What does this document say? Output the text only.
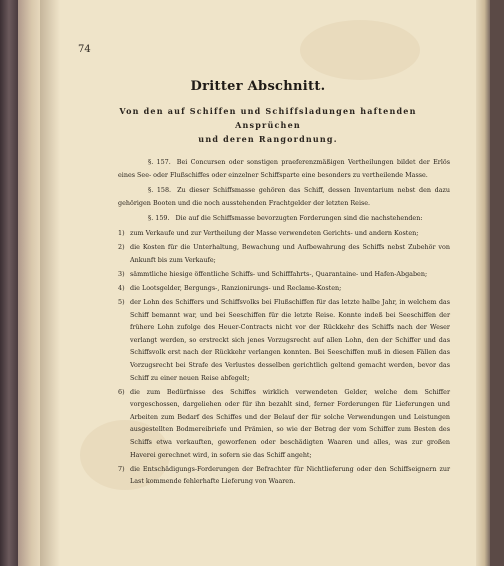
74
Dritter Abschnitt.
Von den auf Schiffen und Schiffsladungen haftenden Ansprüchen
und deren Rangordnung.

§. 157. Bei Concursen oder sonstigen praeferenzmäßigen Vertheilungen bildet der Erlös eines See- oder Flußschiffes oder einzelner Schiffsparte eine besonders zu vertheilende Masse.

§. 158. Zu dieser Schiffsmasse gehören das Schiff, dessen Inventarium nebst den dazu gehörigen Booten und die noch ausstehenden Frachtgelder der letzten Reise.

§. 159. Die auf die Schiffsmasse bevorzugten Forderungen sind die nachstehenden:

1) zum Verkaufe und zur Vertheilung der Masse verwendeten Gerichts- und andern Kosten;

2) die Kosten für die Unterhaltung, Bewachung und Aufbewahrung des Schiffs nebst Zubehör von Ankunft bis zum Verkaufe;

3) sämmtliche hiesige öffentliche Schiffs- und Schifffahrts-, Quarantaine- und Hafen-Abgaben;

4) die Lootsgelder, Bergungs-, Ranzionirungs- und Reclame-Kosten;

5) der Lohn des Schiffers und Schiffsvolks bei Flußschiffen für das letzte halbe Jahr, in welchem das Schiff bemannt war, und bei Seeschiffen für die letzte Reise. Konnte indeß bei Seeschiffen der frühere Lohn zufolge des Heuer-Contracts nicht vor der Rückkehr des Schiffs nach der Weser verlangt werden, so erstreckt sich jenes Vorzugsrecht auf allen Lohn, den der Schiffer und das Schiffsvolk erst nach der Rückkehr verlangen konnten. Bei Seeschiffen muß in diesen Fällen das Vorzugsrecht bei Strafe des Verlustes desselben gerichtlich geltend gemacht werden, bevor das Schiff zu einer neuen Reise abfegelt;

6) die zum Bedürfnisse des Schiffes wirklich verwendeten Gelder, welche dem Schiffer vorgeschossen, dargeliehen oder für ihn bezahlt sind, ferner Forderungen für Lieferungen und Arbeiten zum Bedarf des Schiffes und der Belauf der für solche Verwendungen und Leistungen ausgestellten Bodmereibriefe und Prämien, so wie der Betrag der vom Schiffer zum Besten des Schiffs etwa verkauften, geworfenen oder beschädigten Waaren und alles, was zur großen Haverei gerechnet wird, in sofern sie das Schiff angeht;

7) die Entschädigungs-Forderungen der Befrachter für Nichtlieferung oder den Schiffseignern zur Last kommende fehlerhafte Lieferung von Waaren.
